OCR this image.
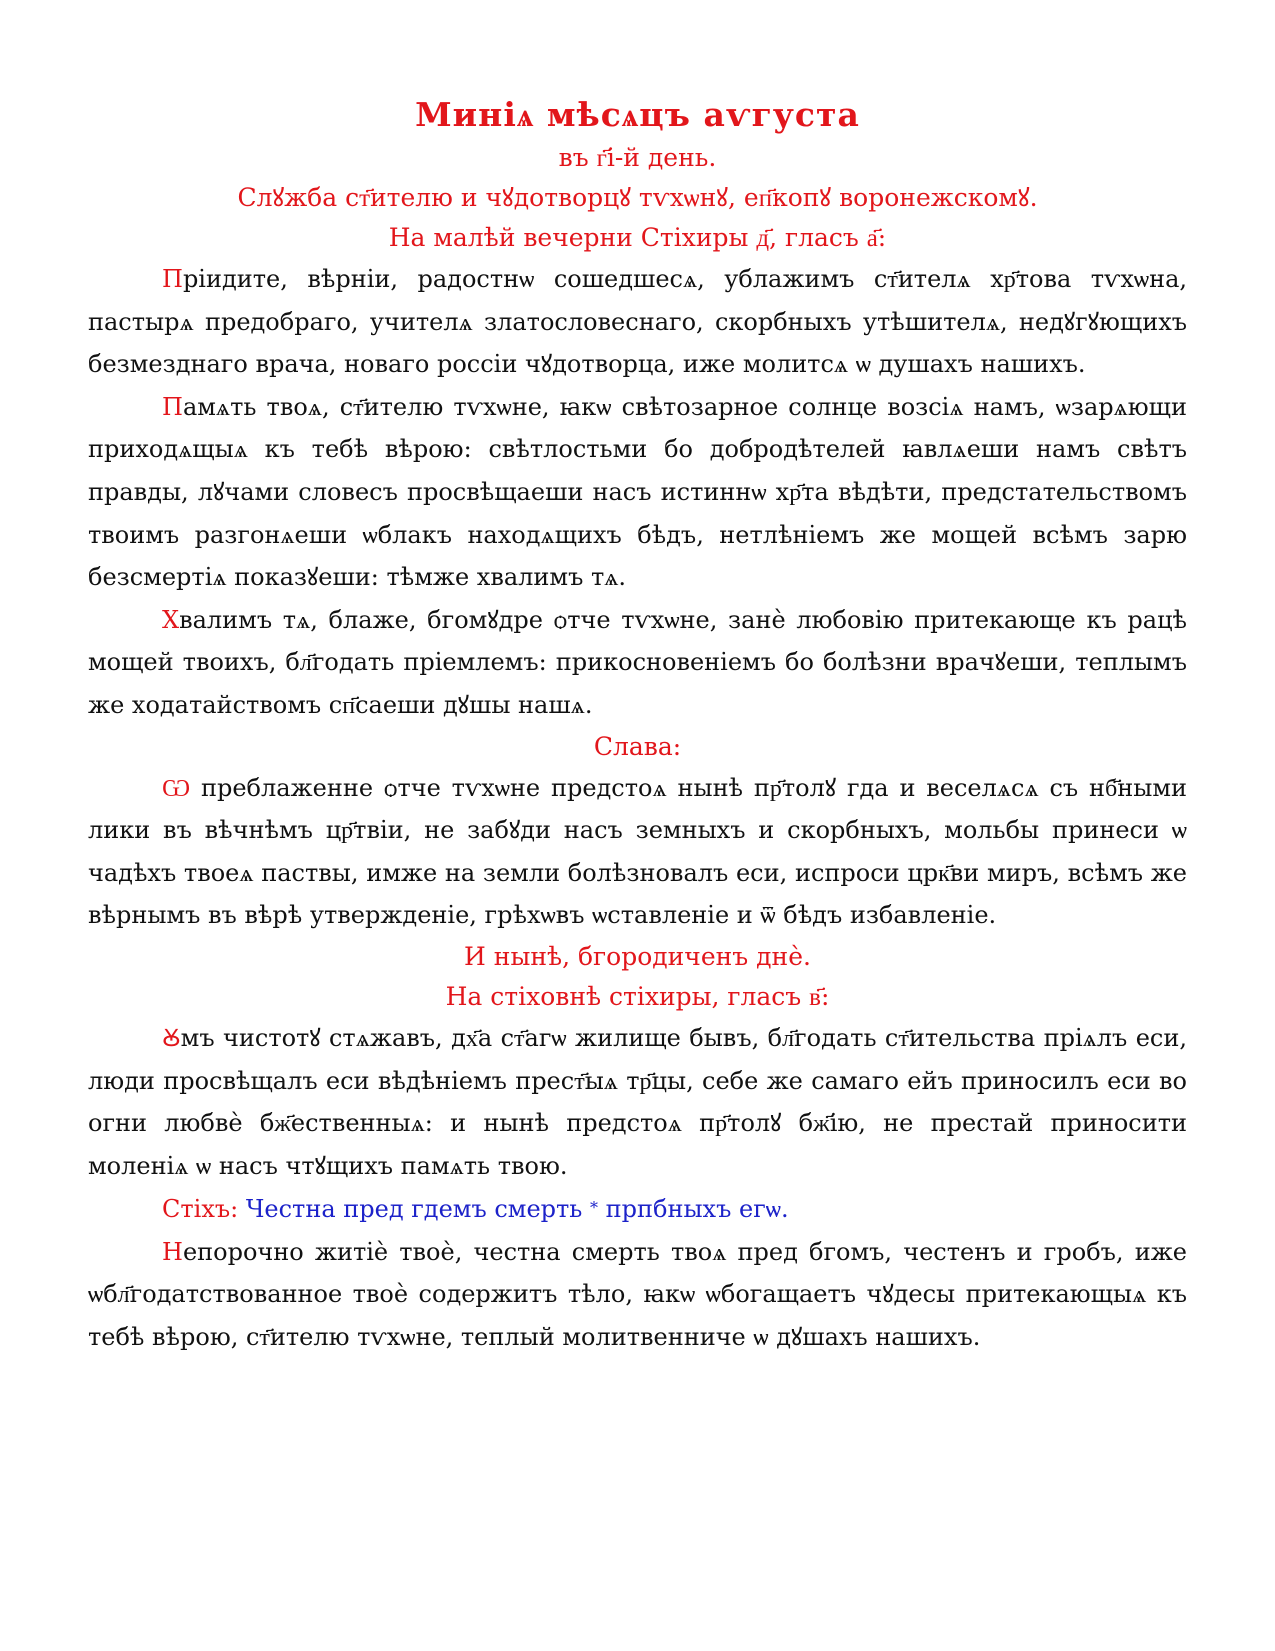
Минiѧ мѣсѧцъ аѵгуста

въ г҃i-й день.

Слꙋжба ст҃ителю и чꙋдотворцꙋ тѵхѡнꙋ, еп҃копꙋ воронежскомꙋ.

На малѣй вечерни Стiхиры д҃, гласъ а҃:

Прiидите, вѣрнiи, радостнѡ сошедшесѧ, ублажимъ ст҃ителѧ хр҃това тѵхѡна, пастырѧ предобраго, учителѧ златословеснаго, скорбныхъ утѣшителѧ, недꙋгꙋющихъ безмезднаго врача, новаго россiи чꙋдотворца, иже молитсѧ ѡ душахъ нашихъ.

Памѧть твоѧ, ст҃ителю тѵхѡне, ꙗкѡ свѣтозарное солнце возсiѧ намъ, ѡзарѧющи приходѧщыѧ къ тебѣ вѣрою: свѣтлостьми бо добродѣтелей ꙗвлѧеши намъ свѣтъ правды, лꙋчами словесъ просвѣщаеши насъ истиннѡ хр҃та вѣдѣти, предстательствомъ твоимъ разгонѧеши ѡблакъ находѧщихъ бѣдъ, нетлѣнiемъ же мощей всѣмъ зарю безсмертiѧ показꙋеши: тѣмже хвалимъ тѧ.

Хвалимъ тѧ, блаже, бгомꙋдре ѻтче тѵхѡне, занѐ любовiю притекающе къ рацѣ мощей твоихъ, бл҃годать прiемлемъ: прикосновенiемъ бо болѣзни врачꙋеши, теплымъ же ходатайствомъ сп҃саеши дꙋшы нашѧ.

Слава:

Ѡ преблаженне ѻтче тѵхѡне предстоѧ нынѣ пр҃толꙋ гда и веселѧсѧ съ нб҃ными лики въ вѣчнѣмъ цр҃твiи, не забꙋди насъ земныхъ и скорбныхъ, мольбы принеси ѡ чадѣхъ твоеѧ паствы, имже на земли болѣзновалъ еси, испроси црк҃ви миръ, всѣмъ же вѣрнымъ въ вѣрѣ утвержденiе, грѣхѡвъ ѡставленiе и ѿ бѣдъ избавленiе.

И нынѣ, бгородиченъ днѐ.

На стiховнѣ стiхиры, гласъ в҃:

Ꙋмъ чистотꙋ стѧжавъ, дх҃а ст҃агѡ жилище бывъ, бл҃годать ст҃ительства прiѧлъ еси, люди просвѣщалъ еси вѣдѣнiемъ прест҃ыѧ тр҃цы, себе же самаго ейъ приносилъ еси во огни любвѐ бж҃ественныѧ: и нынѣ предстоѧ пр҃толꙋ бж҃iю, не престай приносити моленiѧ ѡ насъ чтꙋщихъ памѧть твою.

Стiхъ: Честна пред гдемъ смерть * прпбныхъ егѡ.

Непорочно житiѐ твоѐ, честна смерть твоѧ пред бгомъ, честенъ и гробъ, иже ѡбл҃годатствованное твоѐ содержитъ тѣло, ꙗкѡ ѡбогащаетъ чꙋдесы притекающыѧ къ тебѣ вѣрою, ст҃ителю тѵхѡне, теплый молитвенниче ѡ дꙋшахъ нашихъ.
